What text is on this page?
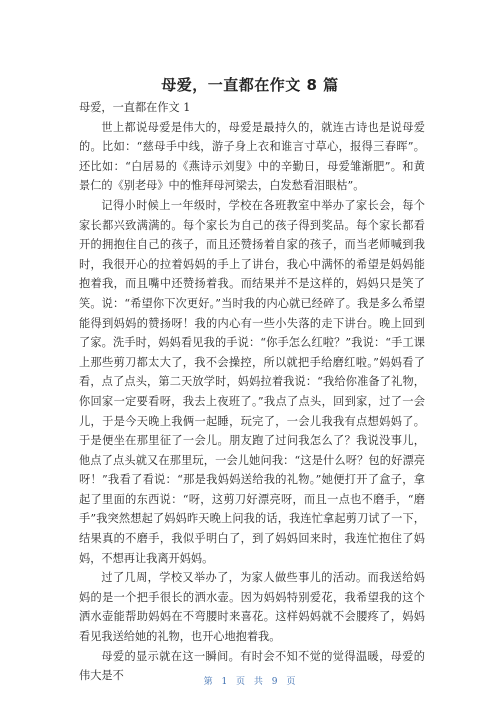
母爱，一直都在作文 8 篇

母爱，一直都在作文 1

世上都说母爱是伟大的，母爱是最持久的，就连古诗也是说母爱的。比如：“慈母手中线，游子身上衣和谁言寸草心，报得三春晖”。还比如：“白居易的《燕诗示刘叟》中的辛勤日，母爱雏渐肥”。和黄景仁的《别老母》中的惟拜母河梁去，白发愁看泪眼枯”。

记得小时候上一年级时，学校在各班教室中举办了家长会，每个家长都兴致满满的。每个家长为自己的孩子得到奖品。每个家长都看开的拥抱住自己的孩子，而且还赞扬着自家的孩子，而当老师喊到我时，我很开心的拉着妈妈的手上了讲台，我心中满怀的希望是妈妈能抱着我，而且嘴中还赞扬着我。而结果并不是这样的，妈妈只是笑了笑。说：“希望你下次更好。”当时我的内心就已经碎了。我是多么希望能得到妈妈的赞扬呀！我的内心有一些小失落的走下讲台。晚上回到了家。洗手时，妈妈看见我的手说：“你手怎么红啦？”我说：“手工课上那些剪刀都太大了，我不会操控，所以就把手给磨红啦。”妈妈看了看，点了点头，第二天放学时，妈妈拉着我说：“我给你准备了礼物，你回家一定要看呀，我去上夜班了。”我点了点头，回到家，过了一会儿，于是今天晚上我俩一起睡，玩完了，一会儿我我有点想妈妈了。于是便坐在那里征了一会儿。朋友跑了过问我怎么了？我说没事儿，他点了点头就又在那里玩，一会儿她问我：“这是什么呀？包的好漂亮呀！”我看了看说：“那是我妈妈送给我的礼物。”她便打开了盒子，拿起了里面的东西说：“呀，这剪刀好漂亮呀，而且一点也不磨手，“磨手”我突然想起了妈妈昨天晚上问我的话，我连忙拿起剪刀试了一下，结果真的不磨手，我似乎明白了，到了妈妈回来时，我连忙抱住了妈妈，不想再让我离开妈妈。

过了几周，学校又举办了，为家人做些事儿的活动。而我送给妈妈的是一个把手很长的洒水壶。因为妈妈特别爱花，我希望我的这个洒水壶能帮助妈妈在不弯腰时来喜花。这样妈妈就不会腰疼了，妈妈看见我送给她的礼物，也开心地抱着我。

母爱的显示就在这一瞬间。有时会不知不觉的觉得温暖，母爱的伟大是不	第 1 页 共 9 页
